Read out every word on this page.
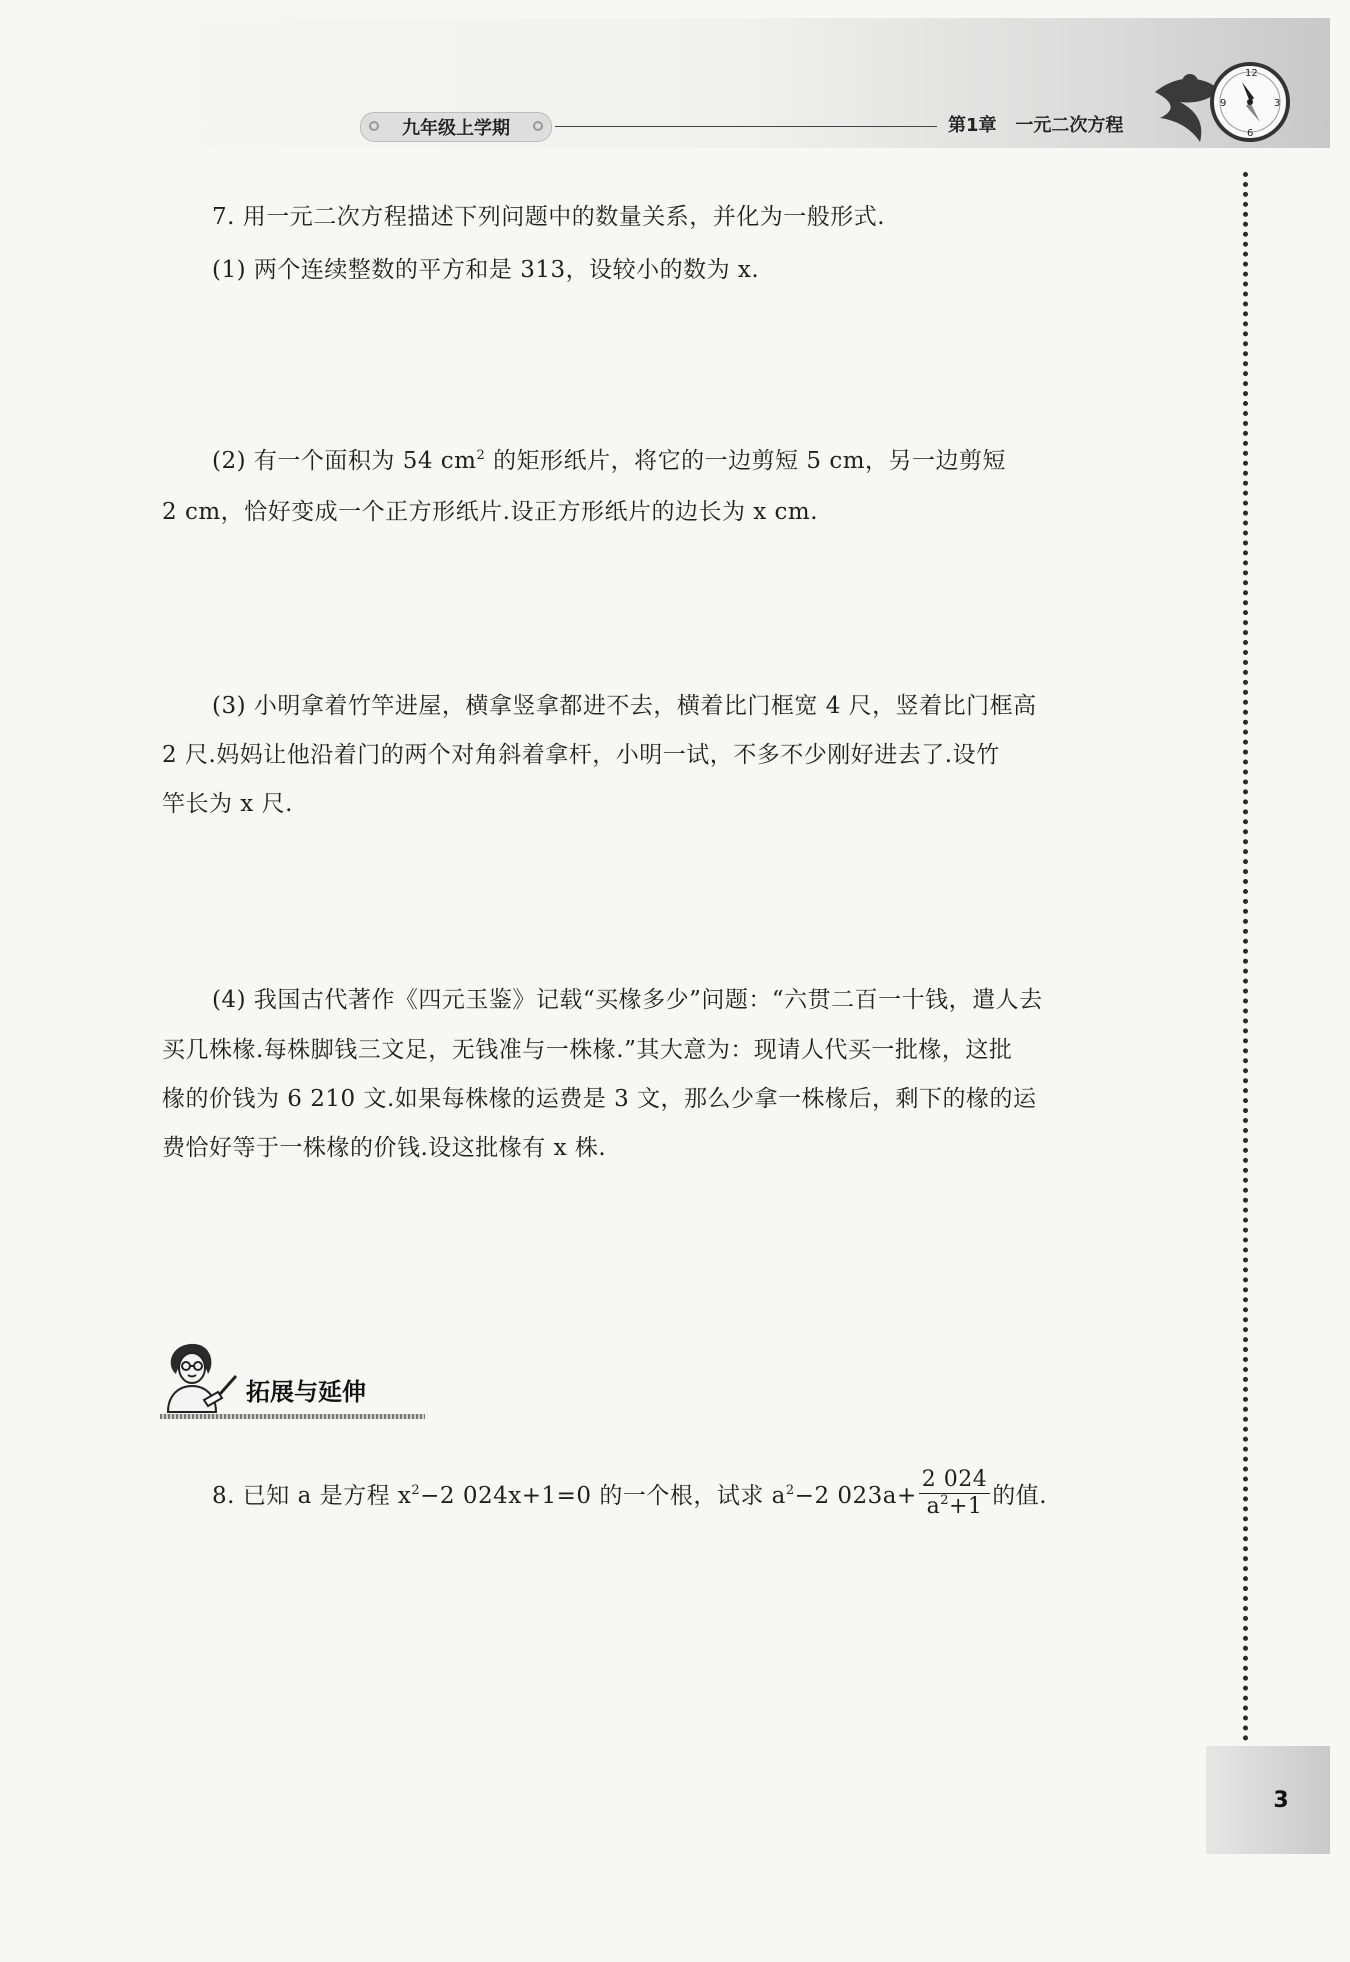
九年级上学期	第1章   一元二次方程
12
3
6
9
7. 用一元二次方程描述下列问题中的数量关系，并化为一般形式.
(1) 两个连续整数的平方和是 313，设较小的数为 x.
(2) 有一个面积为 54 $cm^2$ 的矩形纸片，将它的一边剪短 5 cm，另一边剪短
2 cm，恰好变成一个正方形纸片.设正方形纸片的边长为 x cm.
(3) 小明拿着竹竿进屋，横拿竖拿都进不去，横着比门框宽 4 尺，竖着比门框高
2 尺.妈妈让他沿着门的两个对角斜着拿杆，小明一试，不多不少刚好进去了.设竹
竿长为 x 尺.
(4) 我国古代著作《四元玉鉴》记载“买椽多少”问题：“六贯二百一十钱，遣人去
买几株椽.每株脚钱三文足，无钱准与一株椽.”其大意为：现请人代买一批椽，这批
椽的价钱为 6 210 文.如果每株椽的运费是 3 文，那么少拿一株椽后，剩下的椽的运
费恰好等于一株椽的价钱.设这批椽有 x 株.
拓展与延伸
8. 已知 a 是方程 $x^2-2$ 024x+1=0 的一个根，试求 $a^2-2$ $023a+ \frac{2 024}{a^2+1}$ 的值.
3
